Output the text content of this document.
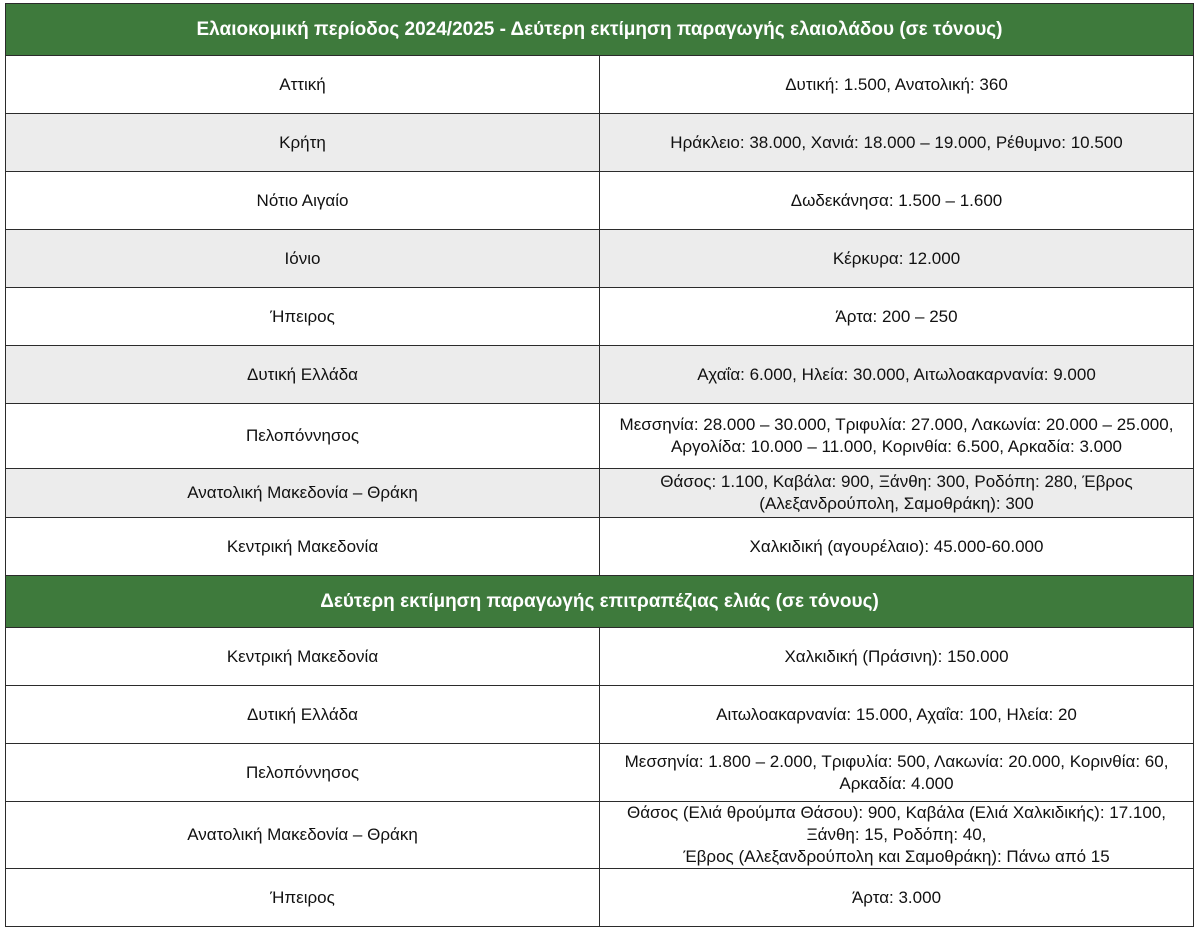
Ελαιοκομική περίοδος 2024/2025 - Δεύτερη εκτίμηση παραγωγής ελαιολάδου (σε τόνους)	
Αττική	Δυτική: 1.500, Ανατολική: 360

Κρήτη	Ηράκλειο: 38.000, Χανιά: 18.000 – 19.000, Ρέθυμνο: 10.500

Νότιο Αιγαίο	Δωδεκάνησα: 1.500 – 1.600

Ιόνιο	Κέρκυρα: 12.000

Ήπειρος	Άρτα: 200 – 250

Δυτική Ελλάδα	Αχαΐα: 6.000, Ηλεία: 30.000, Αιτωλοακαρνανία: 9.000

Πελοπόννησος	Μεσσηνία: 28.000 – 30.000, Τριφυλία: 27.000, Λακωνία: 20.000 – 25.000,
Αργολίδα: 10.000 – 11.000, Κορινθία: 6.500, Αρκαδία: 3.000

Ανατολική Μακεδονία – Θράκη	Θάσος: 1.100, Καβάλα: 900, Ξάνθη: 300, Ροδόπη: 280, Έβρος (Αλεξανδρούπολη, Σαμοθράκη): 300

Κεντρική Μακεδονία	Χαλκιδική (αγουρέλαιο): 45.000-60.000

Δεύτερη εκτίμηση παραγωγής επιτραπέζιας ελιάς (σε τόνους)	
Κεντρική Μακεδονία	Χαλκιδική (Πράσινη): 150.000

Δυτική Ελλάδα	Αιτωλοακαρνανία: 15.000, Αχαΐα: 100, Ηλεία: 20

Πελοπόννησος	Μεσσηνία: 1.800 – 2.000, Τριφυλία: 500, Λακωνία: 20.000, Κορινθία: 60, Αρκαδία: 4.000

Ανατολική Μακεδονία – Θράκη	Θάσος (Ελιά θρούμπα Θάσου): 900, Καβάλα (Ελιά Χαλκιδικής): 17.100, Ξάνθη: 15, Ροδόπη: 40,
Έβρος (Αλεξανδρούπολη και Σαμοθράκη): Πάνω από 15

Ήπειρος	Άρτα: 3.000
